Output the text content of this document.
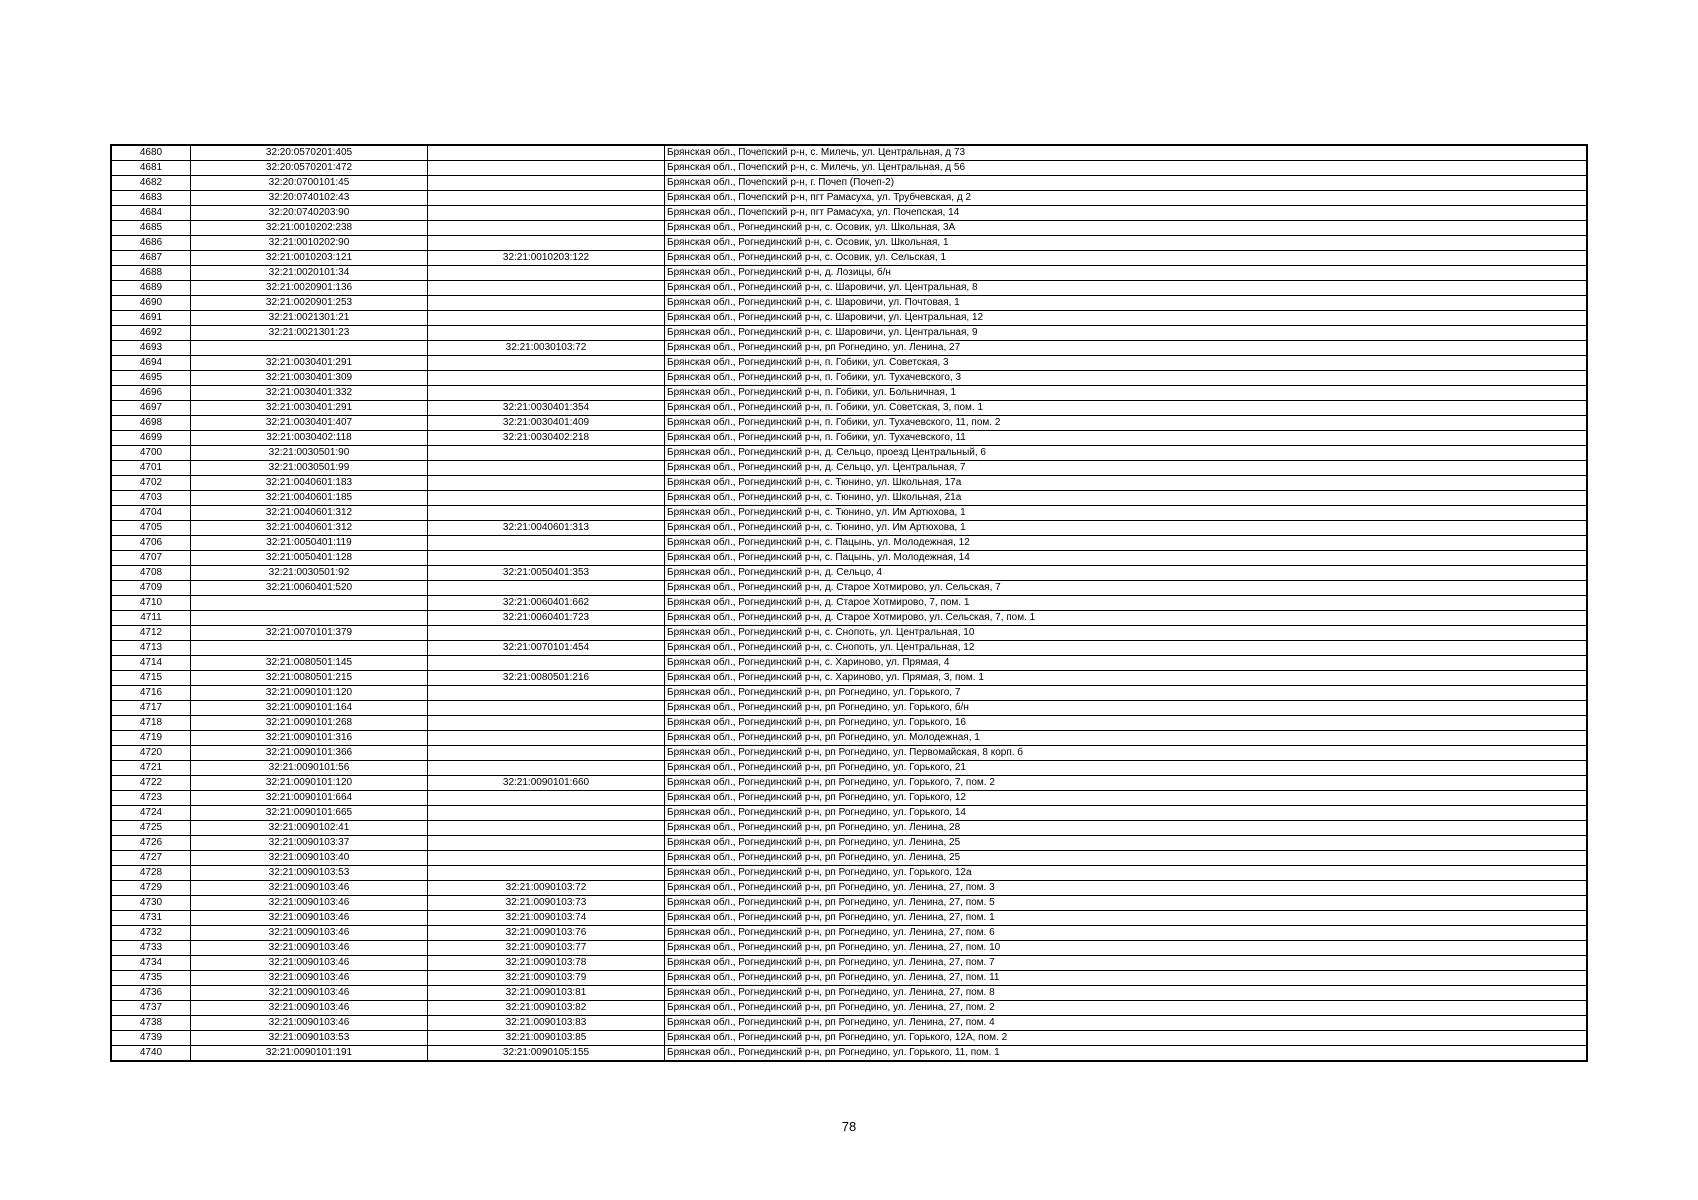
4680	32:20:0570201:405		Брянская обл., Почепский р-н, с. Милечь, ул. Центральная, д 73
4681	32:20:0570201:472		Брянская обл., Почепский р-н, с. Милечь, ул. Центральная, д 56
4682	32:20:0700101:45		Брянская обл., Почепский р-н, г. Почеп (Почеп-2)
4683	32:20:0740102:43		Брянская обл., Почепский р-н, пгт Рамасуха, ул. Трубчевская, д 2
4684	32:20:0740203:90		Брянская обл., Почепский р-н, пгт Рамасуха, ул. Почепская, 14
4685	32:21:0010202:238		Брянская обл., Рогнединский р-н, с. Осовик, ул. Школьная, 3А
4686	32:21:0010202:90		Брянская обл., Рогнединский р-н, с. Осовик, ул. Школьная, 1
4687	32:21:0010203:121	32:21:0010203:122	Брянская обл., Рогнединский р-н, с. Осовик, ул. Сельская, 1
4688	32:21:0020101:34		Брянская обл., Рогнединский р-н, д. Лозицы, б/н
4689	32:21:0020901:136		Брянская обл., Рогнединский р-н, с. Шаровичи, ул. Центральная, 8
4690	32:21:0020901:253		Брянская обл., Рогнединский р-н, с. Шаровичи, ул. Почтовая, 1
4691	32:21:0021301:21		Брянская обл., Рогнединский р-н, с. Шаровичи, ул. Центральная, 12
4692	32:21:0021301:23		Брянская обл., Рогнединский р-н, с. Шаровичи, ул. Центральная, 9
4693		32:21:0030103:72	Брянская обл., Рогнединский р-н, рп Рогнедино, ул. Ленина, 27
4694	32:21:0030401:291		Брянская обл., Рогнединский р-н, п. Гобики, ул. Советская, 3
4695	32:21:0030401:309		Брянская обл., Рогнединский р-н, п. Гобики, ул. Тухачевского, 3
4696	32:21:0030401:332		Брянская обл., Рогнединский р-н, п. Гобики, ул. Больничная, 1
4697	32:21:0030401:291	32:21:0030401:354	Брянская обл., Рогнединский р-н, п. Гобики, ул. Советская, 3, пом. 1
4698	32:21:0030401:407	32:21:0030401:409	Брянская обл., Рогнединский р-н, п. Гобики, ул. Тухачевского, 11, пом. 2
4699	32:21:0030402:118	32:21:0030402:218	Брянская обл., Рогнединский р-н, п. Гобики, ул. Тухачевского, 11
4700	32:21:0030501:90		Брянская обл., Рогнединский р-н, д. Сельцо, проезд Центральный, 6
4701	32:21:0030501:99		Брянская обл., Рогнединский р-н, д. Сельцо, ул. Центральная, 7
4702	32:21:0040601:183		Брянская обл., Рогнединский р-н, с. Тюнино, ул. Школьная, 17а
4703	32:21:0040601:185		Брянская обл., Рогнединский р-н, с. Тюнино, ул. Школьная, 21а
4704	32:21:0040601:312		Брянская обл., Рогнединский р-н, с. Тюнино, ул. Им Артюхова, 1
4705	32:21:0040601:312	32:21:0040601:313	Брянская обл., Рогнединский р-н, с. Тюнино, ул. Им Артюхова, 1
4706	32:21:0050401:119		Брянская обл., Рогнединский р-н, с. Пацынь, ул. Молодежная, 12
4707	32:21:0050401:128		Брянская обл., Рогнединский р-н, с. Пацынь, ул. Молодежная, 14
4708	32:21:0030501:92	32:21:0050401:353	Брянская обл., Рогнединский р-н, д. Сельцо, 4
4709	32:21:0060401:520		Брянская обл., Рогнединский р-н, д. Старое Хотмирово, ул. Сельская, 7
4710		32:21:0060401:662	Брянская обл., Рогнединский р-н, д. Старое Хотмирово, 7, пом. 1
4711		32:21:0060401:723	Брянская обл., Рогнединский р-н, д. Старое Хотмирово, ул. Сельская, 7, пом. 1
4712	32:21:0070101:379		Брянская обл., Рогнединский р-н, с. Снопоть, ул. Центральная, 10
4713		32:21:0070101:454	Брянская обл., Рогнединский р-н, с. Снопоть, ул. Центральная, 12
4714	32:21:0080501:145		Брянская обл., Рогнединский р-н, с. Хариново, ул. Прямая, 4
4715	32:21:0080501:215	32:21:0080501:216	Брянская обл., Рогнединский р-н, с. Хариново, ул. Прямая, 3, пом. 1
4716	32:21:0090101:120		Брянская обл., Рогнединский р-н, рп Рогнедино, ул. Горького, 7
4717	32:21:0090101:164		Брянская обл., Рогнединский р-н, рп Рогнедино, ул. Горького, б/н
4718	32:21:0090101:268		Брянская обл., Рогнединский р-н, рп Рогнедино, ул. Горького, 16
4719	32:21:0090101:316		Брянская обл., Рогнединский р-н, рп Рогнедино, ул. Молодежная, 1
4720	32:21:0090101:366		Брянская обл., Рогнединский р-н, рп Рогнедино, ул. Первомайская, 8 корп. б
4721	32:21:0090101:56		Брянская обл., Рогнединский р-н, рп Рогнедино, ул. Горького, 21
4722	32:21:0090101:120	32:21:0090101:660	Брянская обл., Рогнединский р-н, рп Рогнедино, ул. Горького, 7, пом. 2
4723	32:21:0090101:664		Брянская обл., Рогнединский р-н, рп Рогнедино, ул. Горького, 12
4724	32:21:0090101:665		Брянская обл., Рогнединский р-н, рп Рогнедино, ул. Горького, 14
4725	32:21:0090102:41		Брянская обл., Рогнединский р-н, рп Рогнедино, ул. Ленина, 28
4726	32:21:0090103:37		Брянская обл., Рогнединский р-н, рп Рогнедино, ул. Ленина, 25
4727	32:21:0090103:40		Брянская обл., Рогнединский р-н, рп Рогнедино, ул. Ленина, 25
4728	32:21:0090103:53		Брянская обл., Рогнединский р-н, рп Рогнедино, ул. Горького, 12а
4729	32:21:0090103:46	32:21:0090103:72	Брянская обл., Рогнединский р-н, рп Рогнедино, ул. Ленина, 27, пом. 3
4730	32:21:0090103:46	32:21:0090103:73	Брянская обл., Рогнединский р-н, рп Рогнедино, ул. Ленина, 27, пом. 5
4731	32:21:0090103:46	32:21:0090103:74	Брянская обл., Рогнединский р-н, рп Рогнедино, ул. Ленина, 27, пом. 1
4732	32:21:0090103:46	32:21:0090103:76	Брянская обл., Рогнединский р-н, рп Рогнедино, ул. Ленина, 27, пом. 6
4733	32:21:0090103:46	32:21:0090103:77	Брянская обл., Рогнединский р-н, рп Рогнедино, ул. Ленина, 27, пом. 10
4734	32:21:0090103:46	32:21:0090103:78	Брянская обл., Рогнединский р-н, рп Рогнедино, ул. Ленина, 27, пом. 7
4735	32:21:0090103:46	32:21:0090103:79	Брянская обл., Рогнединский р-н, рп Рогнедино, ул. Ленина, 27, пом. 11
4736	32:21:0090103:46	32:21:0090103:81	Брянская обл., Рогнединский р-н, рп Рогнедино, ул. Ленина, 27, пом. 8
4737	32:21:0090103:46	32:21:0090103:82	Брянская обл., Рогнединский р-н, рп Рогнедино, ул. Ленина, 27, пом. 2
4738	32:21:0090103:46	32:21:0090103:83	Брянская обл., Рогнединский р-н, рп Рогнедино, ул. Ленина, 27, пом. 4
4739	32:21:0090103:53	32:21:0090103:85	Брянская обл., Рогнединский р-н, рп Рогнедино, ул. Горького, 12А, пом. 2
4740	32:21:0090101:191	32:21:0090105:155	Брянская обл., Рогнединский р-н, рп Рогнедино, ул. Горького, 11, пом. 1
78
